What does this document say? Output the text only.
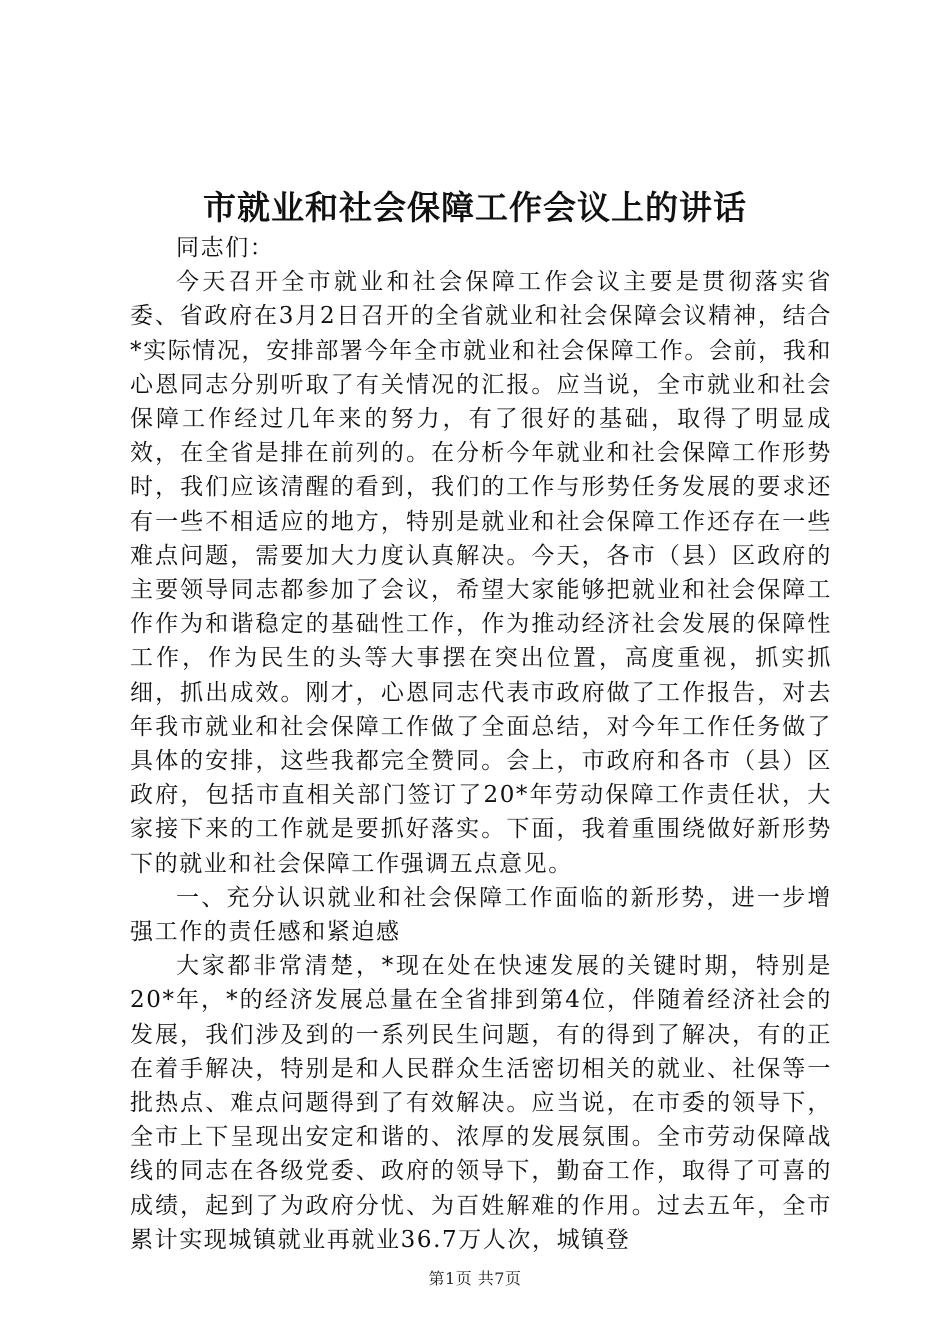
市就业和社会保障工作会议上的讲话

同志们：

今天召开全市就业和社会保障工作会议主要是贯彻落实省委、省政府在3月2日召开的全省就业和社会保障会议精神，结合*实际情况，安排部署今年全市就业和社会保障工作。会前，我和心恩同志分别听取了有关情况的汇报。应当说，全市就业和社会保障工作经过几年来的努力，有了很好的基础，取得了明显成效，在全省是排在前列的。在分析今年就业和社会保障工作形势时，我们应该清醒的看到，我们的工作与形势任务发展的要求还有一些不相适应的地方，特别是就业和社会保障工作还存在一些难点问题，需要加大力度认真解决。今天，各市（县）区政府的主要领导同志都参加了会议，希望大家能够把就业和社会保障工作作为和谐稳定的基础性工作，作为推动经济社会发展的保障性工作，作为民生的头等大事摆在突出位置，高度重视，抓实抓细，抓出成效。刚才，心恩同志代表市政府做了工作报告，对去年我市就业和社会保障工作做了全面总结，对今年工作任务做了具体的安排，这些我都完全赞同。会上，市政府和各市（县）区政府，包括市直相关部门签订了20*年劳动保障工作责任状，大家接下来的工作就是要抓好落实。下面，我着重围绕做好新形势下的就业和社会保障工作强调五点意见。

一、充分认识就业和社会保障工作面临的新形势，进一步增强工作的责任感和紧迫感

大家都非常清楚，*现在处在快速发展的关键时期，特别是20*年，*的经济发展总量在全省排到第4位，伴随着经济社会的发展，我们涉及到的一系列民生问题，有的得到了解决，有的正在着手解决，特别是和人民群众生活密切相关的就业、社保等一批热点、难点问题得到了有效解决。应当说，在市委的领导下，全市上下呈现出安定和谐的、浓厚的发展氛围。全市劳动保障战线的同志在各级党委、政府的领导下，勤奋工作，取得了可喜的成绩，起到了为政府分忧、为百姓解难的作用。过去五年，全市累计实现城镇就业再就业36.7万人次，城镇登

第1页 共7页
